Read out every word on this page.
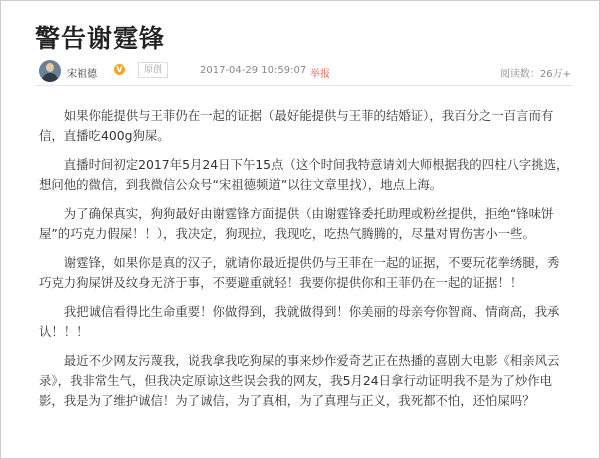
警告谢霆锋
宋祖德 V	原创	2017-04-29 10:59:07 举报	阅读数：26万+

如果你能提供与王菲仍在一起的证据（最好能提供与王菲的结婚证），我百分之一百言而有信，直播吃400g狗屎。

直播时间初定2017年5月24日下午15点（这个时间我特意请刘大师根据我的四柱八字挑选，想问他的微信，到我微信公众号“宋祖德频道”以往文章里找），地点上海。

为了确保真实，狗狗最好由谢霆锋方面提供（由谢霆锋委托助理或粉丝提供，拒绝“锋味饼屋”的巧克力假屎！！），我决定，狗现拉，我现吃，吃热气腾腾的，尽量对胃伤害小一些。

谢霆锋，如果你是真的汉子，就请你最近提供仍与王菲在一起的证据，不要玩花拳绣腿，秀巧克力狗屎饼及纹身无济于事，不要避重就轻！我要你提供你和王菲仍在一起的证据！！

我把诚信看得比生命重要！你做得到，我就做得到！你美丽的母亲夸你智商、情商高，我承认！！！

最近不少网友污蔑我，说我拿我吃狗屎的事来炒作爱奇艺正在热播的喜剧大电影《相亲风云录》，我非常生气，但我决定原谅这些误会我的网友，我5月24日拿行动证明我不是为了炒作电影，我是为了维护诚信！为了诚信，为了真相，为了真理与正义，我死都不怕，还怕屎吗？
